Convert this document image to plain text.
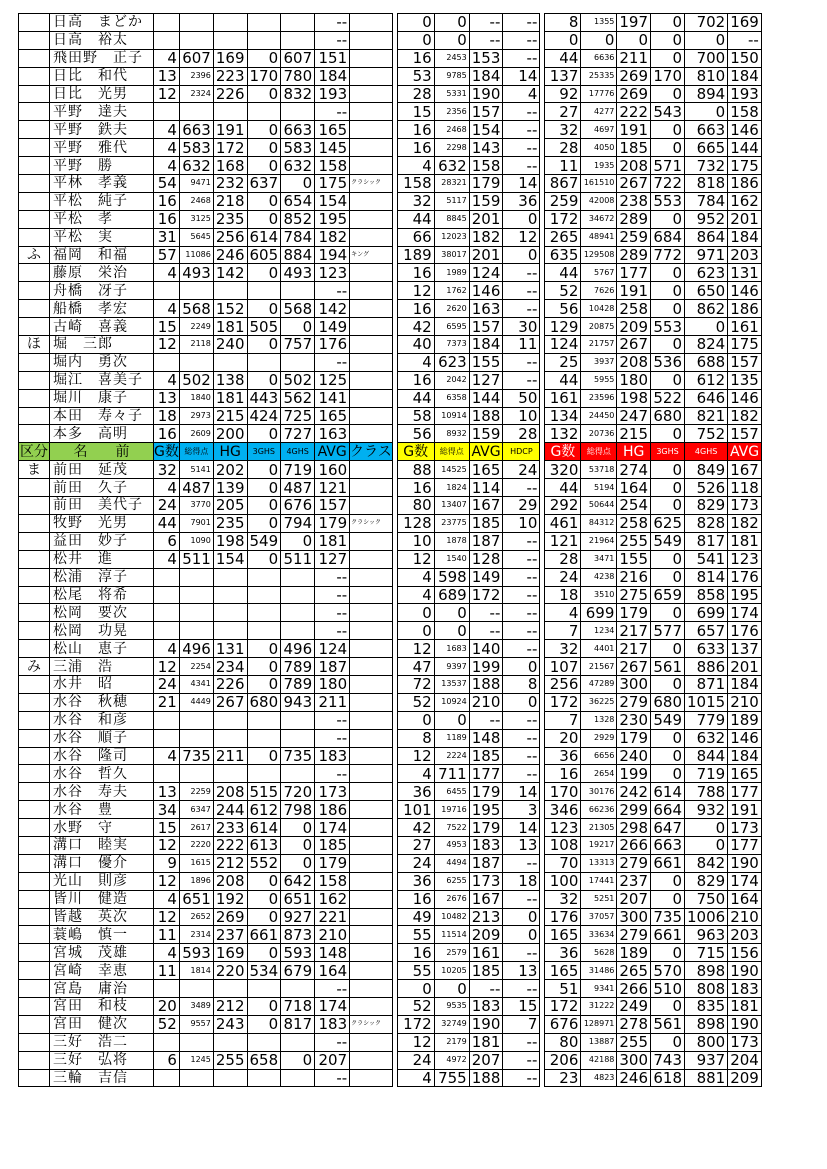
	日高　まどか						--			0	0	--	--		8	1355	197	0	702	169
	日高　裕太						--			0	0	--	--		0	0	0	0	0	--
	飛田野　正子	4	607	169	0	607	151			16	2453	153	--		44	6636	211	0	700	150
	日比　和代	13	2396	223	170	780	184			53	9785	184	14		137	25335	269	170	810	184
	日比　光男	12	2324	226	0	832	193			28	5331	190	4		92	17776	269	0	894	193
	平野　達夫						--			15	2356	157	--		27	4277	222	543	0	158
	平野　鉄夫	4	663	191	0	663	165			16	2468	154	--		32	4697	191	0	663	146
	平野　雅代	4	583	172	0	583	145			16	2298	143	--		28	4050	185	0	665	144
	平野　勝	4	632	168	0	632	158			4	632	158	--		11	1935	208	571	732	175
	平林　孝義	54	9471	232	637	0	175	クラシック		158	28321	179	14		867	161510	267	722	818	186
	平松　純子	16	2468	218	0	654	154			32	5117	159	36		259	42008	238	553	784	162
	平松　孝	16	3125	235	0	852	195			44	8845	201	0		172	34672	289	0	952	201
	平松　実	31	5645	256	614	784	182			66	12023	182	12		265	48941	259	684	864	184
ふ	福岡　和福	57	11086	246	605	884	194	キング		189	38017	201	0		635	129508	289	772	971	203
	藤原　栄治	4	493	142	0	493	123			16	1989	124	--		44	5767	177	0	623	131
	舟橋　冴子						--			12	1762	146	--		52	7626	191	0	650	146
	船橋　孝宏	4	568	152	0	568	142			16	2620	163	--		56	10428	258	0	862	186
	古崎　喜義	15	2249	181	505	0	149			42	6595	157	30		129	20875	209	553	0	161
ほ	堀　三郎	12	2118	240	0	757	176			40	7373	184	11		124	21757	267	0	824	175
	堀内　勇次						--			4	623	155	--		25	3937	208	536	688	157
	堀江　喜美子	4	502	138	0	502	125			16	2042	127	--		44	5955	180	0	612	135
	堀川　康子	13	1840	181	443	562	141			44	6358	144	50		161	23596	198	522	646	146
	本田　寿々子	18	2973	215	424	725	165			58	10914	188	10		134	24450	247	680	821	182
	本多　高明	16	2609	200	0	727	163			56	8932	159	28		132	20736	215	0	752	157
区分	名　　前	G数	総得点	HG	3GHS	4GHS	AVG	クラス		G数	総得点	AVG	HDCP		G数	総得点	HG	3GHS	4GHS	AVG
ま	前田　延茂	32	5141	202	0	719	160			88	14525	165	24		320	53718	274	0	849	167
	前田　久子	4	487	139	0	487	121			16	1824	114	--		44	5194	164	0	526	118
	前田　美代子	24	3770	205	0	676	157			80	13407	167	29		292	50644	254	0	829	173
	牧野　光男	44	7901	235	0	794	179	クラシック		128	23775	185	10		461	84312	258	625	828	182
	益田　妙子	6	1090	198	549	0	181			10	1878	187	--		121	21964	255	549	817	181
	松井　進	4	511	154	0	511	127			12	1540	128	--		28	3471	155	0	541	123
	松浦　淳子						--			4	598	149	--		24	4238	216	0	814	176
	松尾　将希						--			4	689	172	--		18	3510	275	659	858	195
	松岡　要次						--			0	0	--	--		4	699	179	0	699	174
	松岡　功晃						--			0	0	--	--		7	1234	217	577	657	176
	松山　恵子	4	496	131	0	496	124			12	1683	140	--		32	4401	217	0	633	137
み	三浦　浩	12	2254	234	0	789	187			47	9397	199	0		107	21567	267	561	886	201
	水井　昭	24	4341	226	0	789	180			72	13537	188	8		256	47289	300	0	871	184
	水谷　秋穂	21	4449	267	680	943	211			52	10924	210	0		172	36225	279	680	1015	210
	水谷　和彦						--			0	0	--	--		7	1328	230	549	779	189
	水谷　順子						--			8	1189	148	--		20	2929	179	0	632	146
	水谷　隆司	4	735	211	0	735	183			12	2224	185	--		36	6656	240	0	844	184
	水谷　哲久						--			4	711	177	--		16	2654	199	0	719	165
	水谷　寿夫	13	2259	208	515	720	173			36	6455	179	14		170	30176	242	614	788	177
	水谷　豊	34	6347	244	612	798	186			101	19716	195	3		346	66236	299	664	932	191
	水野　守	15	2617	233	614	0	174			42	7522	179	14		123	21305	298	647	0	173
	溝口　睦実	12	2220	222	613	0	185			27	4953	183	13		108	19217	266	663	0	177
	溝口　優介	9	1615	212	552	0	179			24	4494	187	--		70	13313	279	661	842	190
	光山　則彦	12	1896	208	0	642	158			36	6255	173	18		100	17441	237	0	829	174
	皆川　健造	4	651	192	0	651	162			16	2676	167	--		32	5251	207	0	750	164
	皆越　英次	12	2652	269	0	927	221			49	10482	213	0		176	37057	300	735	1006	210
	蓑嶋　慎一	11	2314	237	661	873	210			55	11514	209	0		165	33634	279	661	963	203
	宮城　茂雄	4	593	169	0	593	148			16	2579	161	--		36	5628	189	0	715	156
	宮崎　幸恵	11	1814	220	534	679	164			55	10205	185	13		165	31486	265	570	898	190
	宮島　庸治						--			0	0	--	--		51	9341	266	510	808	183
	宮田　和枝	20	3489	212	0	718	174			52	9535	183	15		172	31222	249	0	835	181
	宮田　健次	52	9557	243	0	817	183	クラシック		172	32749	190	7		676	128971	278	561	898	190
	三好　浩二						--			12	2179	181	--		80	13887	255	0	800	173
	三好　弘将	6	1245	255	658	0	207			24	4972	207	--		206	42188	300	743	937	204
	三輪　吉信						--			4	755	188	--		23	4823	246	618	881	209
